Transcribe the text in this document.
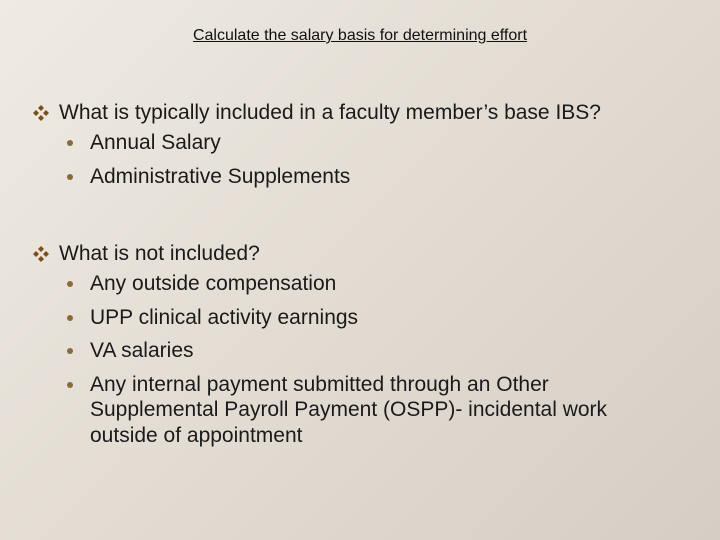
Calculate the salary basis for determining effort
What is typically included in a faculty member’s base IBS?
Annual Salary
Administrative Supplements
What is not included?
Any outside compensation
UPP clinical activity earnings
VA salaries
Any internal payment submitted through an Other Supplemental Payroll Payment (OSPP)- incidental work outside of appointment
